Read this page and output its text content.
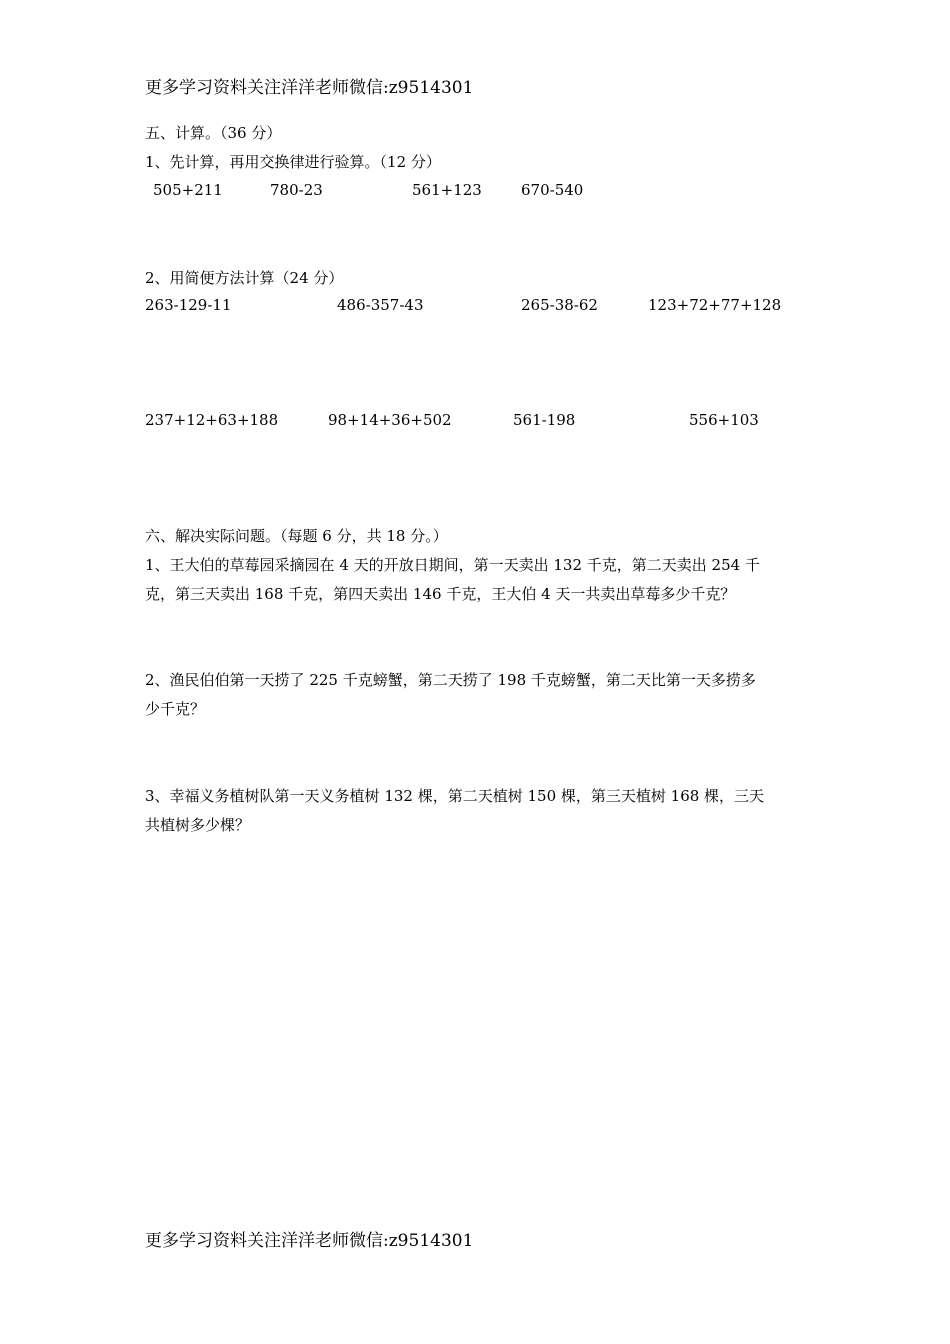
更多学习资料关注洋洋老师微信:z9514301
五、计算。（36 分）
1、先计算，再用交换律进行验算。（12 分）
505+211	780-23	561+123	670-540
2、用简便方法计算（24 分）
263-129-11	486-357-43	265-38-62	123+72+77+128
237+12+63+188	98+14+36+502	561-198	556+103
六、解决实际问题。（每题 6 分，共 18 分。）
1、王大伯的草莓园采摘园在 4 天的开放日期间，第一天卖出 132 千克，第二天卖出 254 千
克，第三天卖出 168 千克，第四天卖出 146 千克，王大伯 4 天一共卖出草莓多少千克？
2、渔民伯伯第一天捞了 225 千克螃蟹，第二天捞了 198 千克螃蟹，第二天比第一天多捞多
少千克？
3、幸福义务植树队第一天义务植树 132 棵，第二天植树 150 棵，第三天植树 168 棵，三天
共植树多少棵？
更多学习资料关注洋洋老师微信:z9514301
